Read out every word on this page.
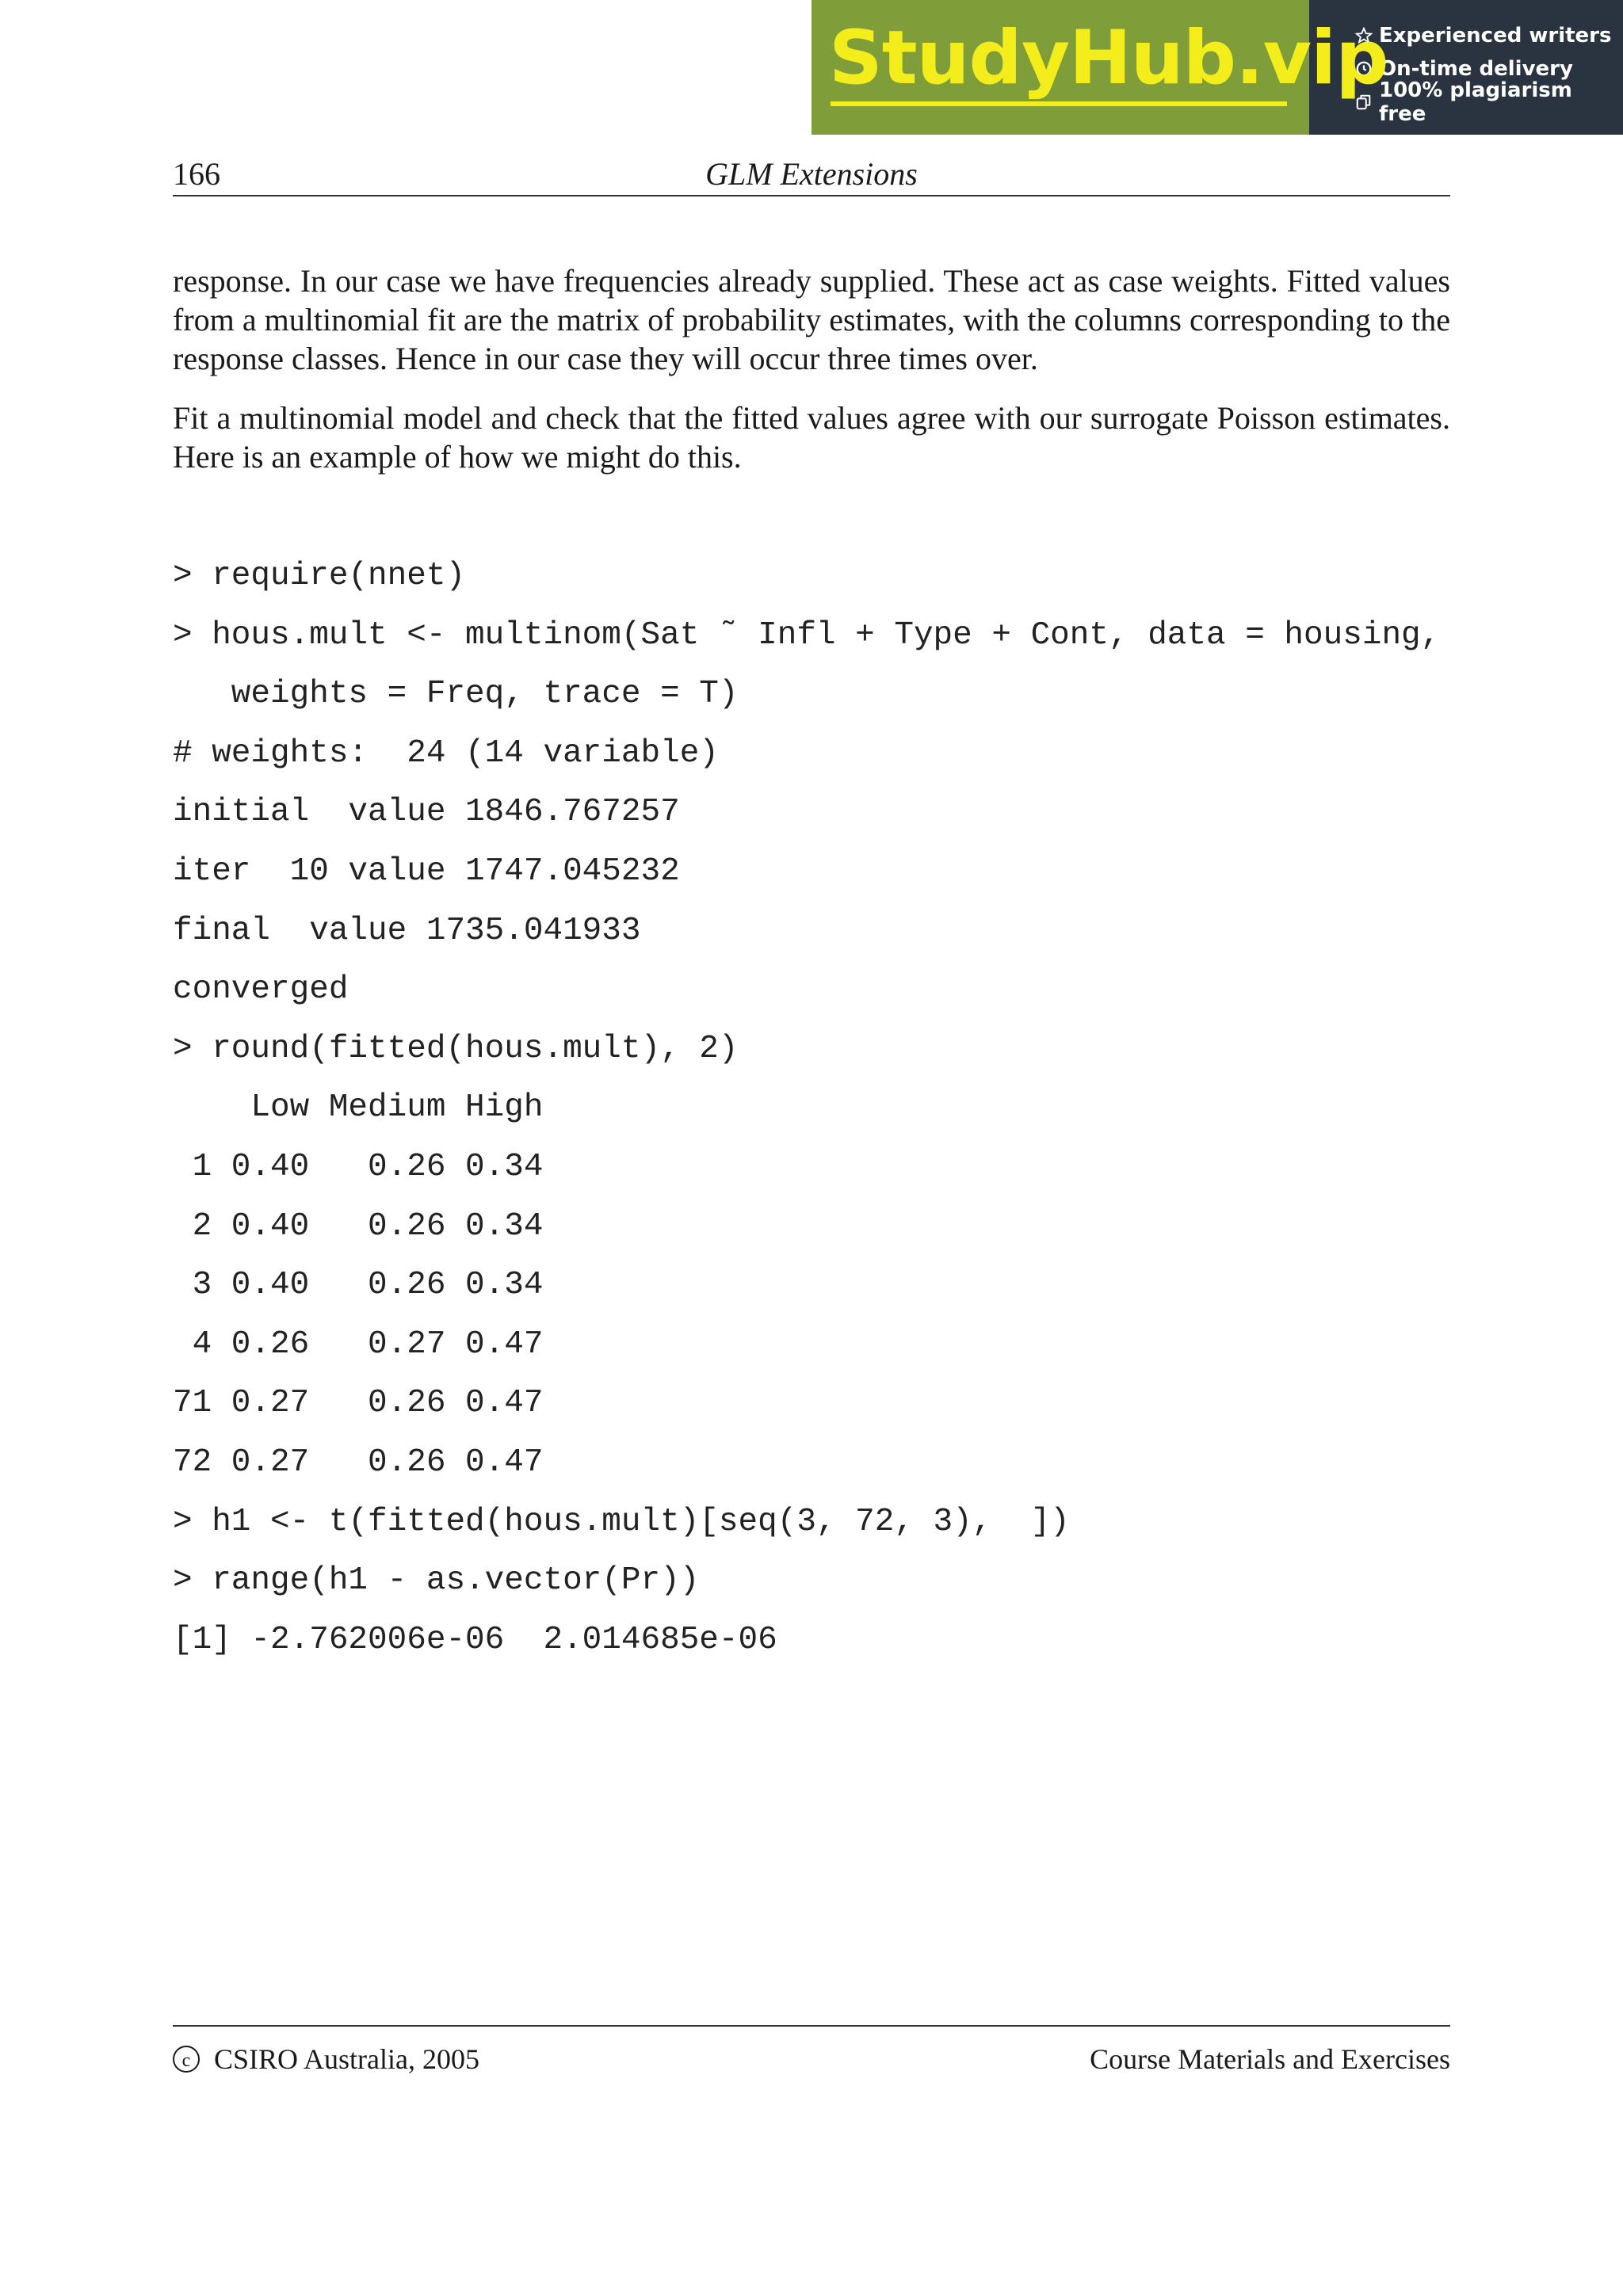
StudyHub.vip
Experienced writers
On-time delivery
100% plagiarism free
166	GLM Extensions

response. In our case we have frequencies already supplied. These act as case weights. Fitted values from a multinomial fit are the matrix of probability estimates, with the columns corresponding to the response classes. Hence in our case they will occur three times over.

Fit a multinomial model and check that the fitted values agree with our surrogate Poisson estimates. Here is an example of how we might do this.

> require(nnet)
> hous.mult <- multinom(Sat ˜ Infl + Type + Cont, data = housing,
weights = Freq, trace = T)
# weights:  24 (14 variable)
initial  value 1846.767257
iter  10 value 1747.045232
final  value 1735.041933
converged
> round(fitted(hous.mult), 2)
Low Medium High
1 0.40   0.26 0.34
2 0.40   0.26 0.34
3 0.40   0.26 0.34
4 0.26   0.27 0.47
71 0.27   0.26 0.47
72 0.27   0.26 0.47
> h1 <- t(fitted(hous.mult)[seq(3, 72, 3),  ])
> range(h1 - as.vector(Pr))
[1] -2.762006e-06  2.014685e-06
c CSIRO Australia, 2005	Course Materials and Exercises
